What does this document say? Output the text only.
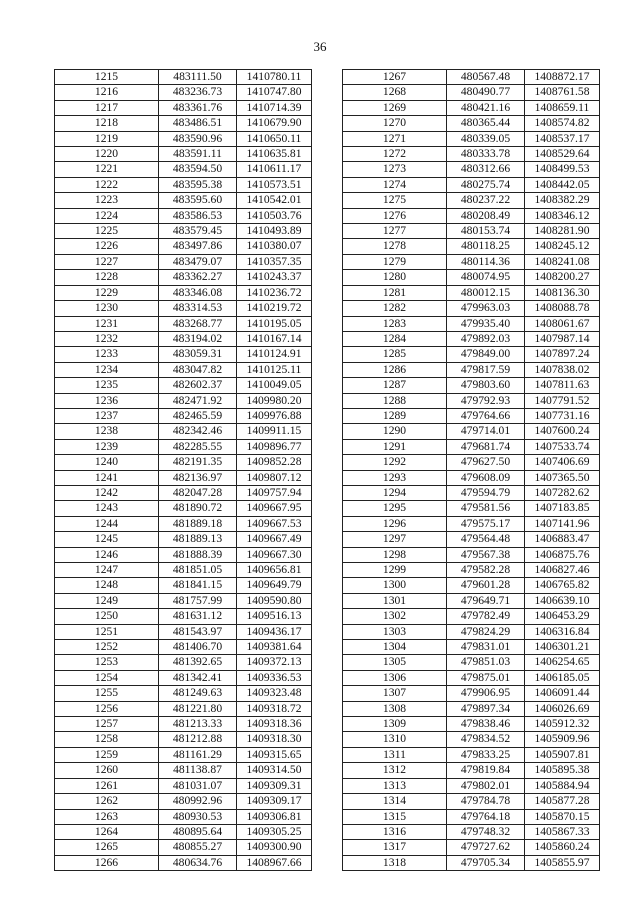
36
1215	483111.50	1410780.11
1216	483236.73	1410747.80
1217	483361.76	1410714.39
1218	483486.51	1410679.90
1219	483590.96	1410650.11
1220	483591.11	1410635.81
1221	483594.50	1410611.17
1222	483595.38	1410573.51
1223	483595.60	1410542.01
1224	483586.53	1410503.76
1225	483579.45	1410493.89
1226	483497.86	1410380.07
1227	483479.07	1410357.35
1228	483362.27	1410243.37
1229	483346.08	1410236.72
1230	483314.53	1410219.72
1231	483268.77	1410195.05
1232	483194.02	1410167.14
1233	483059.31	1410124.91
1234	483047.82	1410125.11
1235	482602.37	1410049.05
1236	482471.92	1409980.20
1237	482465.59	1409976.88
1238	482342.46	1409911.15
1239	482285.55	1409896.77
1240	482191.35	1409852.28
1241	482136.97	1409807.12
1242	482047.28	1409757.94
1243	481890.72	1409667.95
1244	481889.18	1409667.53
1245	481889.13	1409667.49
1246	481888.39	1409667.30
1247	481851.05	1409656.81
1248	481841.15	1409649.79
1249	481757.99	1409590.80
1250	481631.12	1409516.13
1251	481543.97	1409436.17
1252	481406.70	1409381.64
1253	481392.65	1409372.13
1254	481342.41	1409336.53
1255	481249.63	1409323.48
1256	481221.80	1409318.72
1257	481213.33	1409318.36
1258	481212.88	1409318.30
1259	481161.29	1409315.65
1260	481138.87	1409314.50
1261	481031.07	1409309.31
1262	480992.96	1409309.17
1263	480930.53	1409306.81
1264	480895.64	1409305.25
1265	480855.27	1409300.90
1266	480634.76	1408967.66
1267	480567.48	1408872.17
1268	480490.77	1408761.58
1269	480421.16	1408659.11
1270	480365.44	1408574.82
1271	480339.05	1408537.17
1272	480333.78	1408529.64
1273	480312.66	1408499.53
1274	480275.74	1408442.05
1275	480237.22	1408382.29
1276	480208.49	1408346.12
1277	480153.74	1408281.90
1278	480118.25	1408245.12
1279	480114.36	1408241.08
1280	480074.95	1408200.27
1281	480012.15	1408136.30
1282	479963.03	1408088.78
1283	479935.40	1408061.67
1284	479892.03	1407987.14
1285	479849.00	1407897.24
1286	479817.59	1407838.02
1287	479803.60	1407811.63
1288	479792.93	1407791.52
1289	479764.66	1407731.16
1290	479714.01	1407600.24
1291	479681.74	1407533.74
1292	479627.50	1407406.69
1293	479608.09	1407365.50
1294	479594.79	1407282.62
1295	479581.56	1407183.85
1296	479575.17	1407141.96
1297	479564.48	1406883.47
1298	479567.38	1406875.76
1299	479582.28	1406827.46
1300	479601.28	1406765.82
1301	479649.71	1406639.10
1302	479782.49	1406453.29
1303	479824.29	1406316.84
1304	479831.01	1406301.21
1305	479851.03	1406254.65
1306	479875.01	1406185.05
1307	479906.95	1406091.44
1308	479897.34	1406026.69
1309	479838.46	1405912.32
1310	479834.52	1405909.96
1311	479833.25	1405907.81
1312	479819.84	1405895.38
1313	479802.01	1405884.94
1314	479784.78	1405877.28
1315	479764.18	1405870.15
1316	479748.32	1405867.33
1317	479727.62	1405860.24
1318	479705.34	1405855.97
